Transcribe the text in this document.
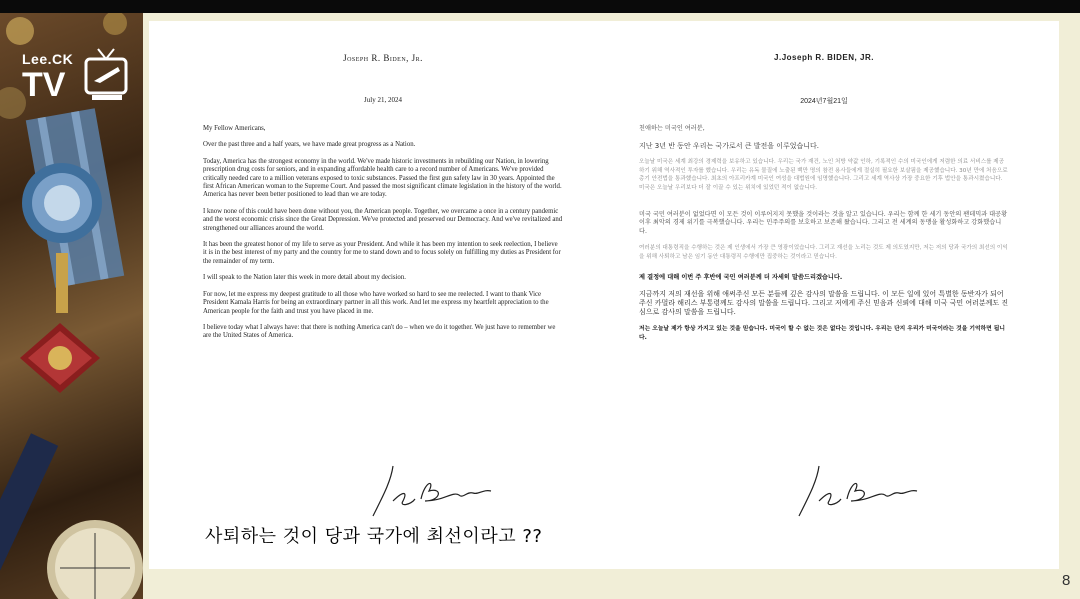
Lee.CK
TV
Joseph R. Biden, Jr.
July 21, 2024

My Fellow Americans,

Over the past three and a half years, we have made great progress as a Nation.

Today, America has the strongest economy in the world. We've made historic investments in rebuilding our Nation, in lowering prescription drug costs for seniors, and in expanding affordable health care to a record number of Americans. We've provided critically needed care to a million veterans exposed to toxic substances. Passed the first gun safety law in 30 years. Appointed the first African American woman to the Supreme Court. And passed the most significant climate legislation in the history of the world. America has never been better positioned to lead than we are today.

I know none of this could have been done without you, the American people. Together, we overcame a once in a century pandemic and the worst economic crisis since the Great Depression. We've protected and preserved our Democracy. And we've revitalized and strengthened our alliances around the world.

It has been the greatest honor of my life to serve as your President. And while it has been my intention to seek reelection, I believe it is in the best interest of my party and the country for me to stand down and to focus solely on fulfilling my duties as President for the remainder of my term.

I will speak to the Nation later this week in more detail about my decision.

For now, let me express my deepest gratitude to all those who have worked so hard to see me reelected. I want to thank Vice President Kamala Harris for being an extraordinary partner in all this work. And let me express my heartfelt appreciation to the American people for the faith and trust you have placed in me.

I believe today what I always have: that there is nothing America can't do – when we do it together. We just have to remember we are the United States of America.

J.Joseph R. BIDEN, JR.
2024년7월21일

친애하는 미국인 여러분,

지난 3년 반 동안 우리는 국가로서 큰 발전을 이루었습니다.

오늘날 미국은 세계 최강의 경제력을 보유하고 있습니다. 우리는 국가 재건, 노인 처방 약값 인하, 기록적인 수의 미국인에게 저렴한 의료 서비스를 제공하기 위해 역사적인 투자를 했습니다. 우리는 유독 물질에 노출된 백만 명의 참전 용사들에게 절실히 필요한 보살핌을 제공했습니다. 30년 만에 처음으로 총기 안전법을 통과했습니다. 최초의 아프리카계 미국인 여성을 대법원에 임명했습니다. 그리고 세계 역사상 가장 중요한 기후 법안을 통과시켰습니다. 미국은 오늘날 우리보다 더 잘 이끌 수 있는 위치에 있었던 적이 없습니다.

미국 국민 여러분이 없었다면 이 모든 것이 이루어지지 못했을 것이라는 것을 알고 있습니다. 우리는 함께 한 세기 동안의 팬데믹과 대공황 이후 최악의 경제 위기를 극복했습니다. 우리는 민주주의를 보호하고 보존해 왔습니다. 그리고 전 세계의 동맹을 활성화하고 강화했습니다.

여러분의 대통령직을 수행하는 것은 제 인생에서 가장 큰 영광이었습니다. 그리고 재선을 노리는 것도 제 의도였지만, 저는 저의 당과 국가의 최선의 이익을 위해 사퇴하고 남은 임기 동안 대통령직 수행에만 집중하는 것이라고 믿습니다.

제 결정에 대해 이번 주 후반에 국민 여러분께 더 자세히 말씀드리겠습니다.

지금까지 저의 재선을 위해 애써주신 모든 분들께 깊은 감사의 말씀을 드립니다. 이 모든 일에 있어 특별한 동반자가 되어주신 카멀라 해리스 부통령께도 감사의 말씀을 드립니다. 그리고 저에게 주신 믿음과 신뢰에 대해 미국 국민 여러분께도 진심으로 감사의 말씀을 드립니다.

저는 오늘날 제가 항상 가지고 있는 것을 믿습니다. 미국이 할 수 없는 것은 없다는 것입니다. 우리는 단지 우리가 미국이라는 것을 기억하면 됩니다.

사퇴하는 것이 당과 국가에 최선이라고 ??
8
